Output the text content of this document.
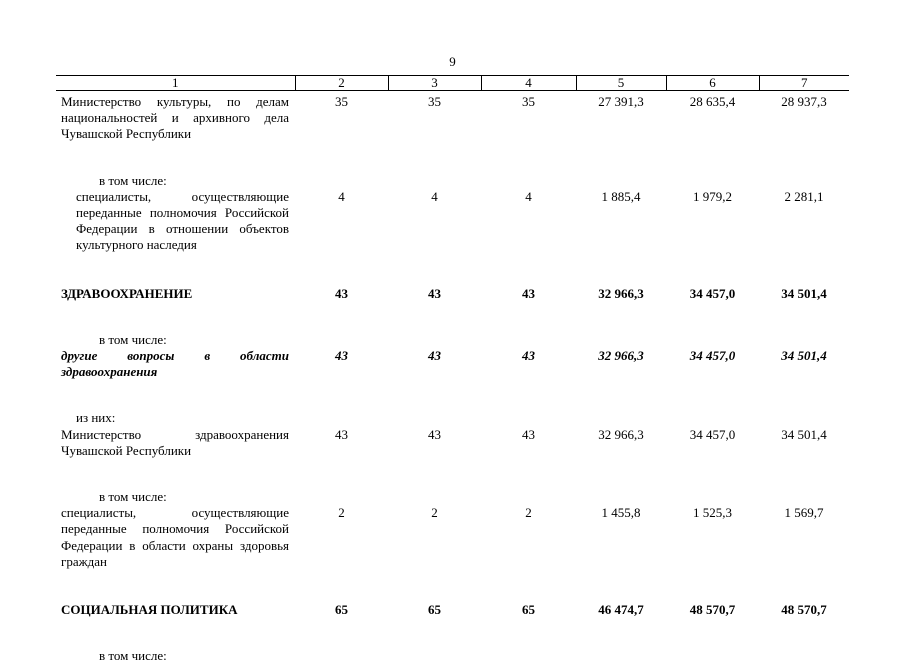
9
1	2	3	4	5	6	7
Министерство культуры, по делам национальностей и архивного дела Чувашской Республики	35	35	35	27 391,3	28 635,4	28 937,3

в том числе:						

специалисты, осуществляющие переданные полномочия Российской Федерации в отношении объектов культурного наследия	4	4	4	1 885,4	1 979,2	2 281,1
ЗДРАВООХРАНЕНИЕ	43	43	43	32 966,3	34 457,0	34 501,4

в том числе:						

другие вопросы в области здравоохранения	43	43	43	32 966,3	34 457,0	34 501,4

из них:						

Министерство здравоохранения Чувашской Республики	43	43	43	32 966,3	34 457,0	34 501,4

в том числе:						

специалисты, осуществляющие переданные полномочия Российской Федерации в области охраны здоровья граждан	2	2	2	1 455,8	1 525,3	1 569,7
СОЦИАЛЬНАЯ ПОЛИТИКА	65	65	65	46 474,7	48 570,7	48 570,7

в том числе:						
